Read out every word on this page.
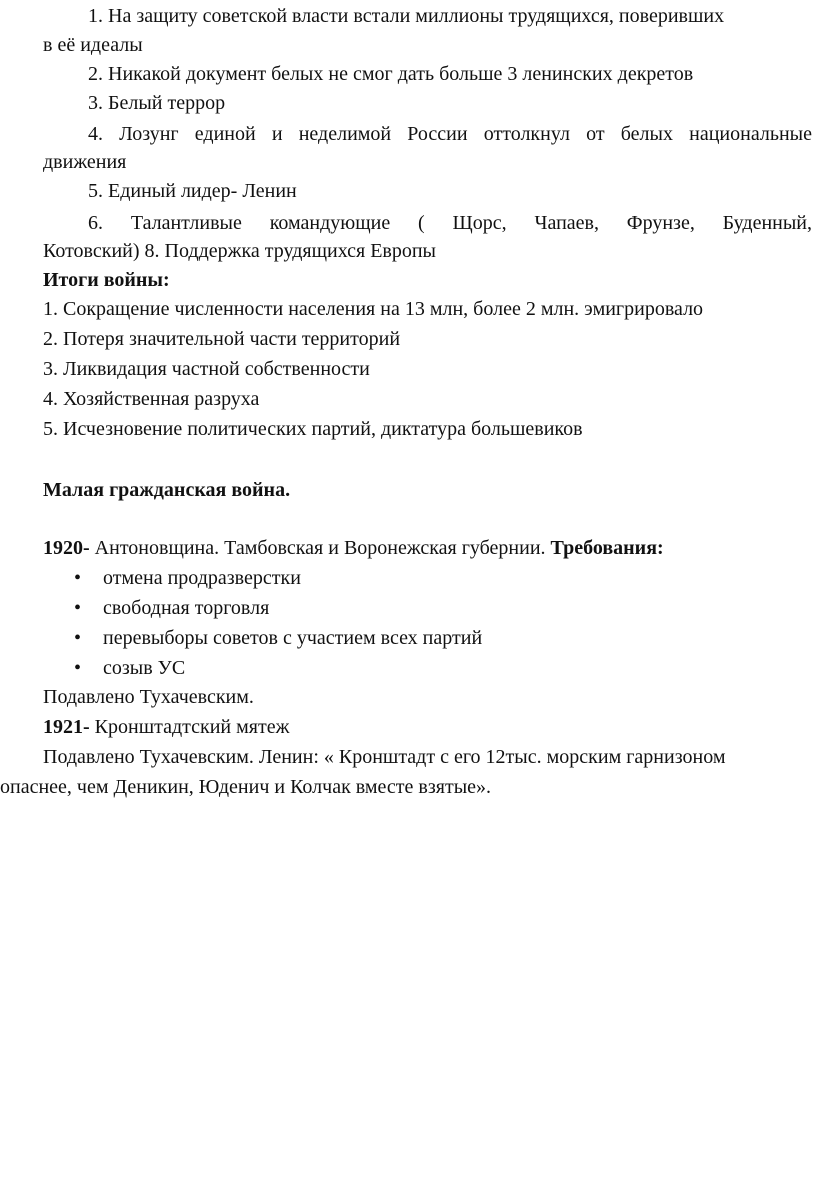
1. На защиту советской власти встали миллионы трудящихся, поверивших
в её идеалы
2. Никакой документ белых не смог дать больше 3 ленинских декретов
3. Белый террор
4. Лозунг единой и неделимой России оттолкнул от белых национальные
движения
5. Единый лидер- Ленин
6. Талантливые командующие ( Щорс, Чапаев, Фрунзе, Буденный,
Котовский) 8. Поддержка трудящихся Европы
Итоги войны:
1. Сокращение численности населения на 13 млн, более 2 млн. эмигрировало
2. Потеря значительной части территорий
3. Ликвидация частной собственности
4. Хозяйственная разруха
5. Исчезновение политических партий, диктатура большевиков
Малая гражданская война.
1920- Антоновщина. Тамбовская и Воронежская губернии. Требования:
• отмена продразверстки
• свободная торговля
• перевыборы советов с участием всех партий
• созыв УС
Подавлено Тухачевским.
1921- Кронштадтский мятеж
Подавлено Тухачевским. Ленин: « Кронштадт с его 12тыс. морским гарнизоном
опаснее, чем Деникин, Юденич и Колчак вместе взятые».
